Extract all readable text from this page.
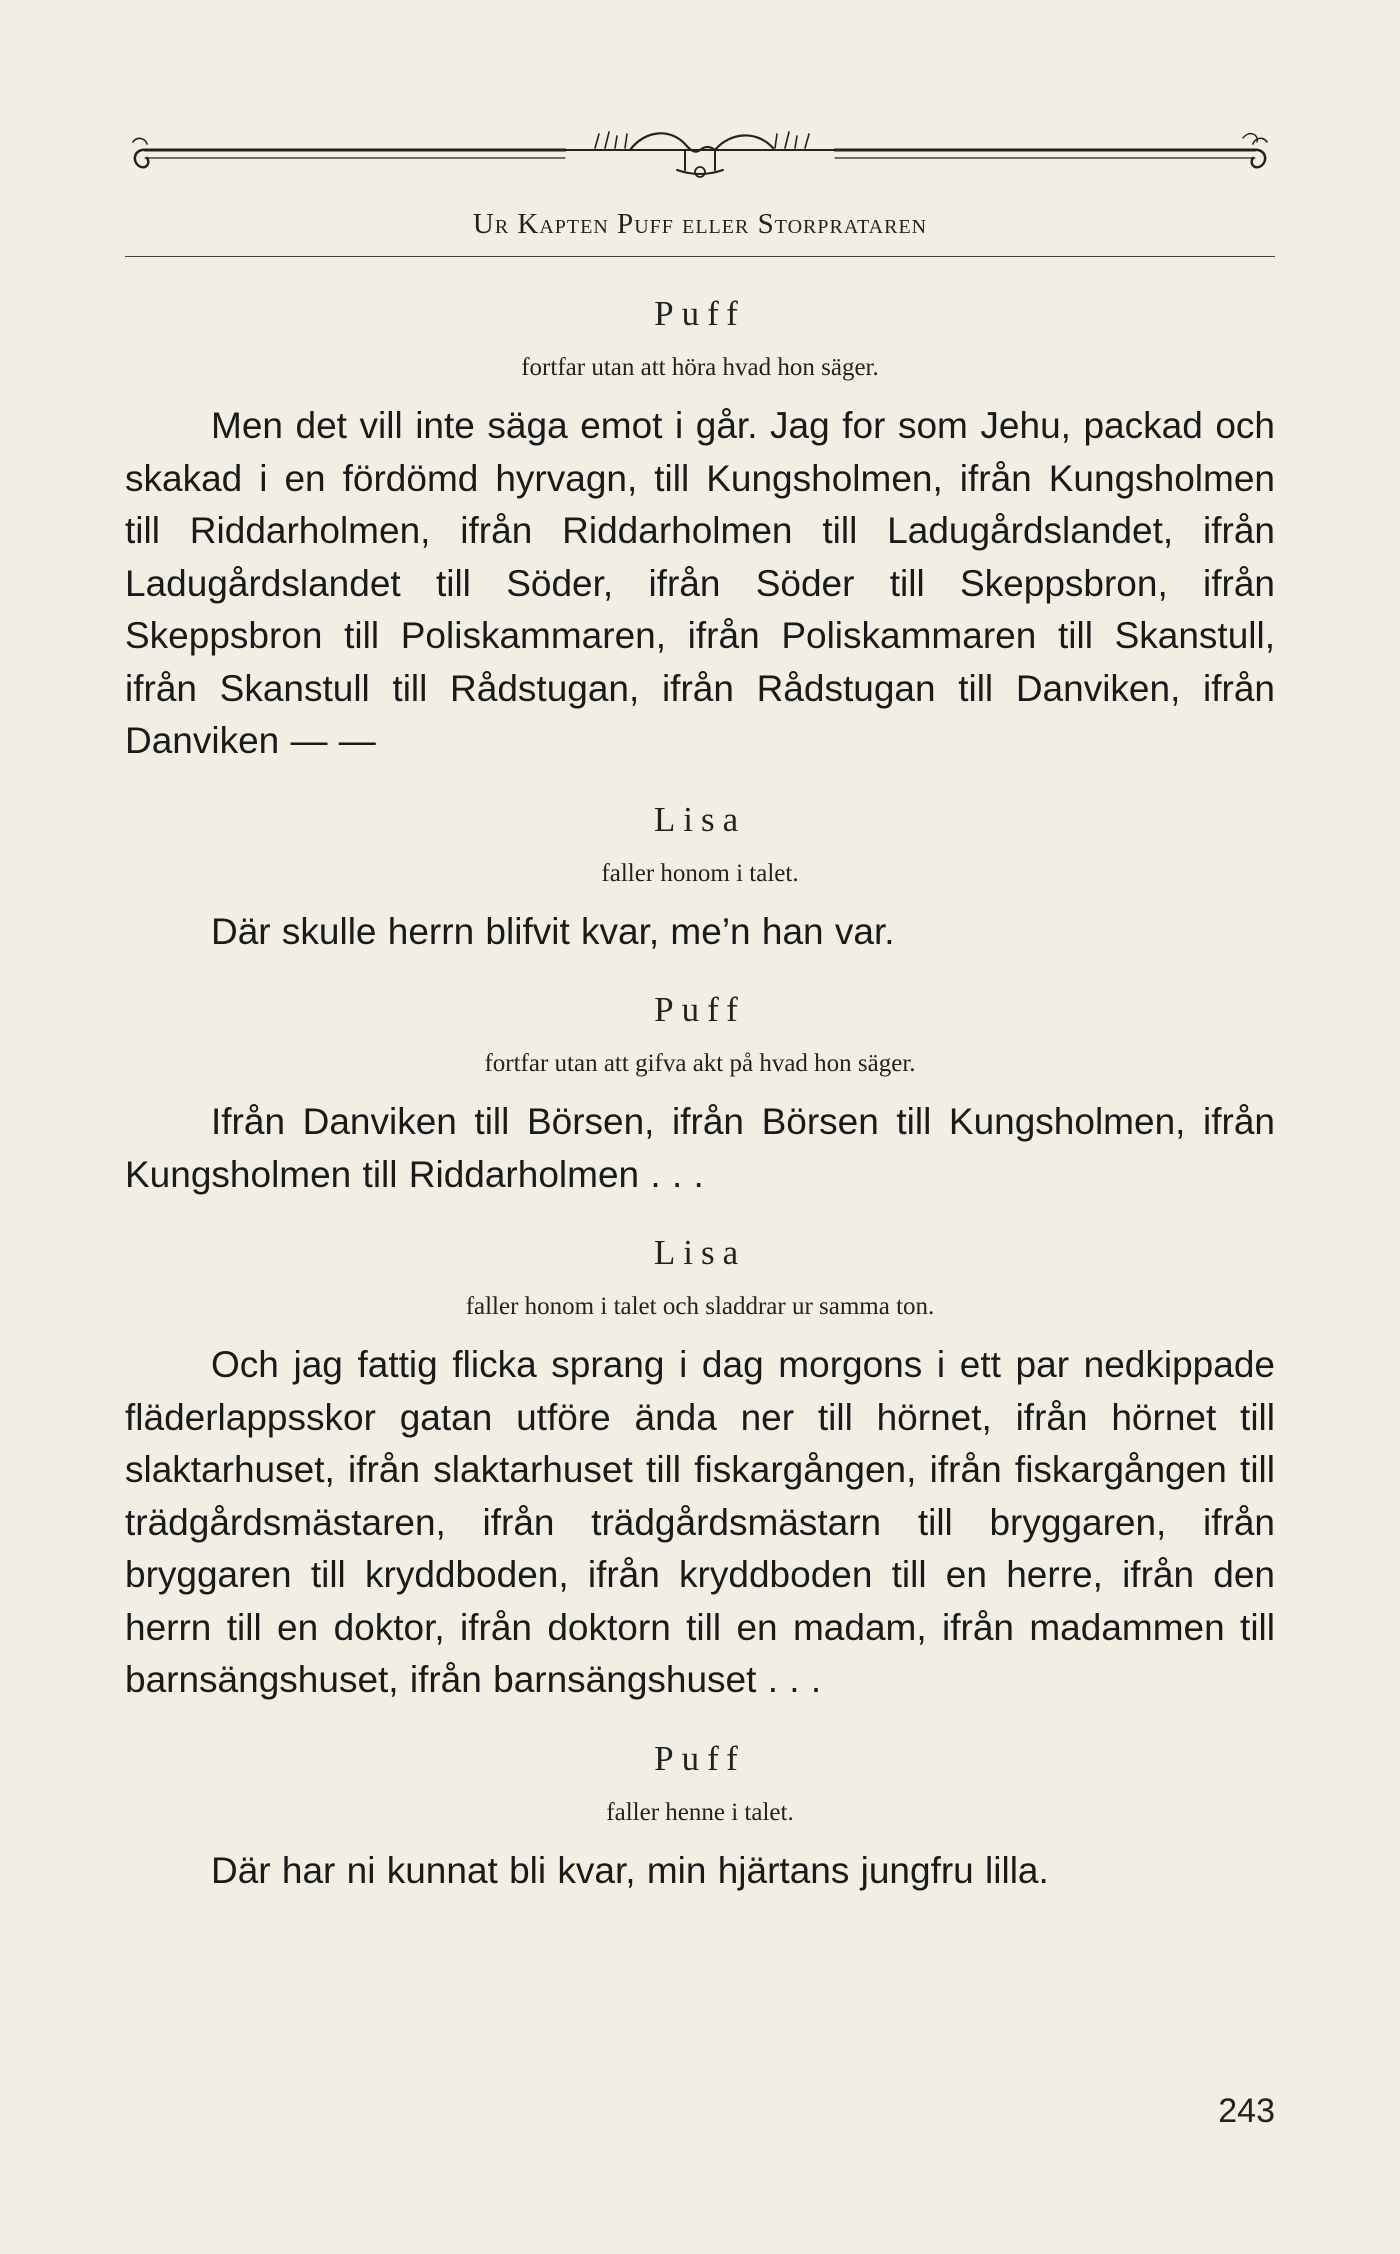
Ur Kapten Puff eller Storprataren

Puff

fortfar utan att höra hvad hon säger.

Men det vill inte säga emot i går. Jag for som Jehu, packad och skakad i en fördömd hyrvagn, till Kungsholmen, ifrån Kungsholmen till Riddarholmen, ifrån Riddarholmen till Ladugårdslandet, ifrån Ladugårdslandet till Söder, ifrån Söder till Skeppsbron, ifrån Skeppsbron till Poliskammaren, ifrån Poliskammaren till Skanstull, ifrån Skanstull till Rådstugan, ifrån Rådstugan till Danviken, ifrån Danviken — —

Lisa

faller honom i talet.

Där skulle herrn blifvit kvar, me’n han var.

Puff

fortfar utan att gifva akt på hvad hon säger.

Ifrån Danviken till Börsen, ifrån Börsen till Kungsholmen, ifrån Kungsholmen till Riddarholmen . . .

Lisa

faller honom i talet och sladdrar ur samma ton.

Och jag fattig flicka sprang i dag morgons i ett par nedkippade fläderlappsskor gatan utföre ända ner till hörnet, ifrån hörnet till slaktarhuset, ifrån slaktarhuset till fiskargången, ifrån fiskargången till trädgårdsmästaren, ifrån trädgårdsmästarn till bryggaren, ifrån bryggaren till kryddboden, ifrån kryddboden till en herre, ifrån den herrn till en doktor, ifrån doktorn till en madam, ifrån madammen till barnsängshuset, ifrån barnsängshuset . . .

Puff

faller henne i talet.

Där har ni kunnat bli kvar, min hjärtans jungfru lilla.

243
